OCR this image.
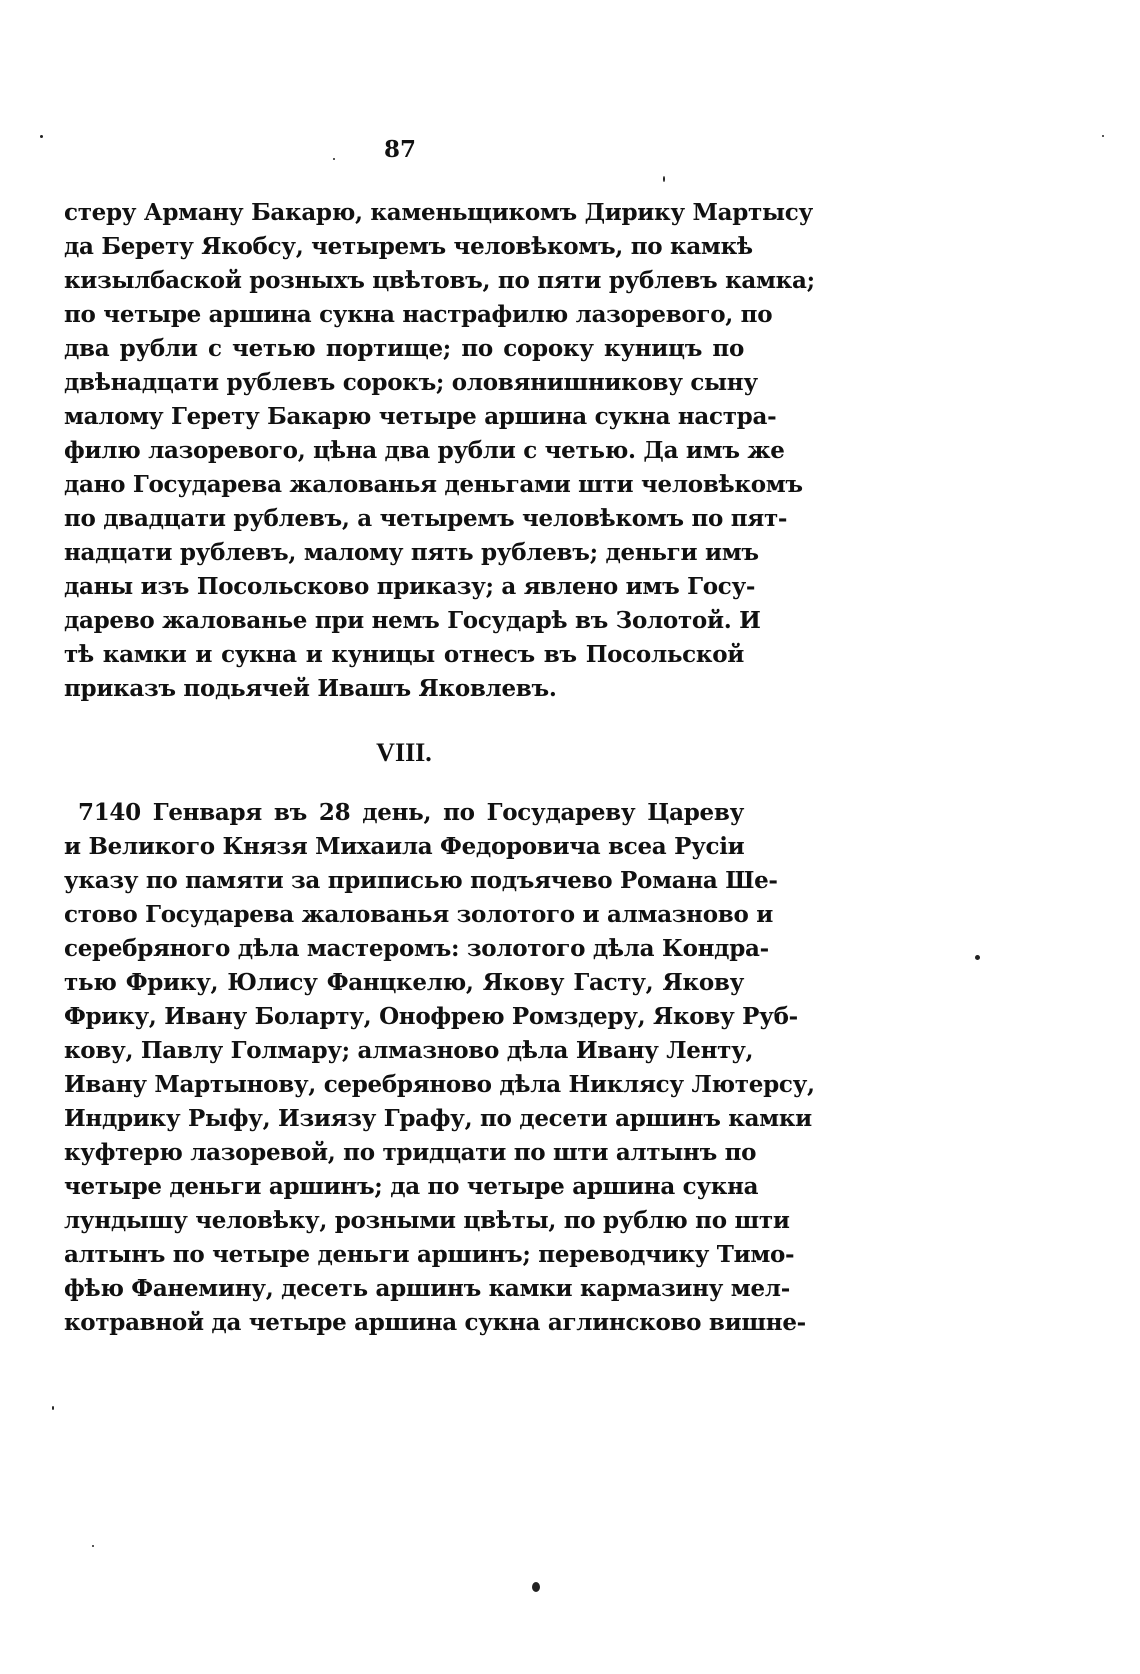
87
стеру Арману Бакарю, каменьщикомъ Дирику Мартысу
да Берету Якобсу, четыремъ человѣкомъ, по камкѣ
кизылбаской розныхъ цвѣтовъ, по пяти рублевъ камка;
по четыре аршина сукна настрафилю лазоревого, по
два рубли с четью портище; по сороку куницъ по
двѣнадцати рублевъ сорокъ; оловянишникову сыну
малому Герету Бакарю четыре аршина сукна настра-
филю лазоревого, цѣна два рубли с четью. Да имъ же
дано Государева жалованья деньгами шти человѣкомъ
по двадцати рублевъ, а четыремъ человѣкомъ по пят-
надцати рублевъ, малому пять рублевъ; деньги имъ
даны изъ Посольсково приказу; а явлено имъ Госу-
дарево жалованье при немъ Государѣ въ Золотой. И
тѣ камки и сукна и куницы отнесъ въ Посольской
приказъ подьячей Ивашъ Яковлевъ.
VIII.
7140 Генваря въ 28 день, по Государеву Цареву
и Великого Князя Михаила Федоровича всеа Русіи
указу по памяти за приписью подъячево Романа Ше-
стово Государева жалованья золотого и алмазново и
серебряного дѣла мастеромъ: золотого дѣла Кондра-
тью Фрику, Юлису Фанцкелю, Якову Гасту, Якову
Фрику, Ивану Боларту, Онофрею Ромздеру, Якову Руб-
кову, Павлу Голмару; алмазново дѣла Ивану Ленту,
Ивану Мартынову, серебряново дѣла Никлясу Лютерсу,
Индрику Рыфу, Изиязу Графу, по десети аршинъ камки
куфтерю лазоревой, по тридцати по шти алтынъ по
четыре деньги аршинъ; да по четыре аршина сукна
лундышу человѣку, розными цвѣты, по рублю по шти
алтынъ по четыре деньги аршинъ; переводчику Тимо-
фѣю Фанемину, десеть аршинъ камки кармазину мел-
котравной да четыре аршина сукна аглинсково вишне-
